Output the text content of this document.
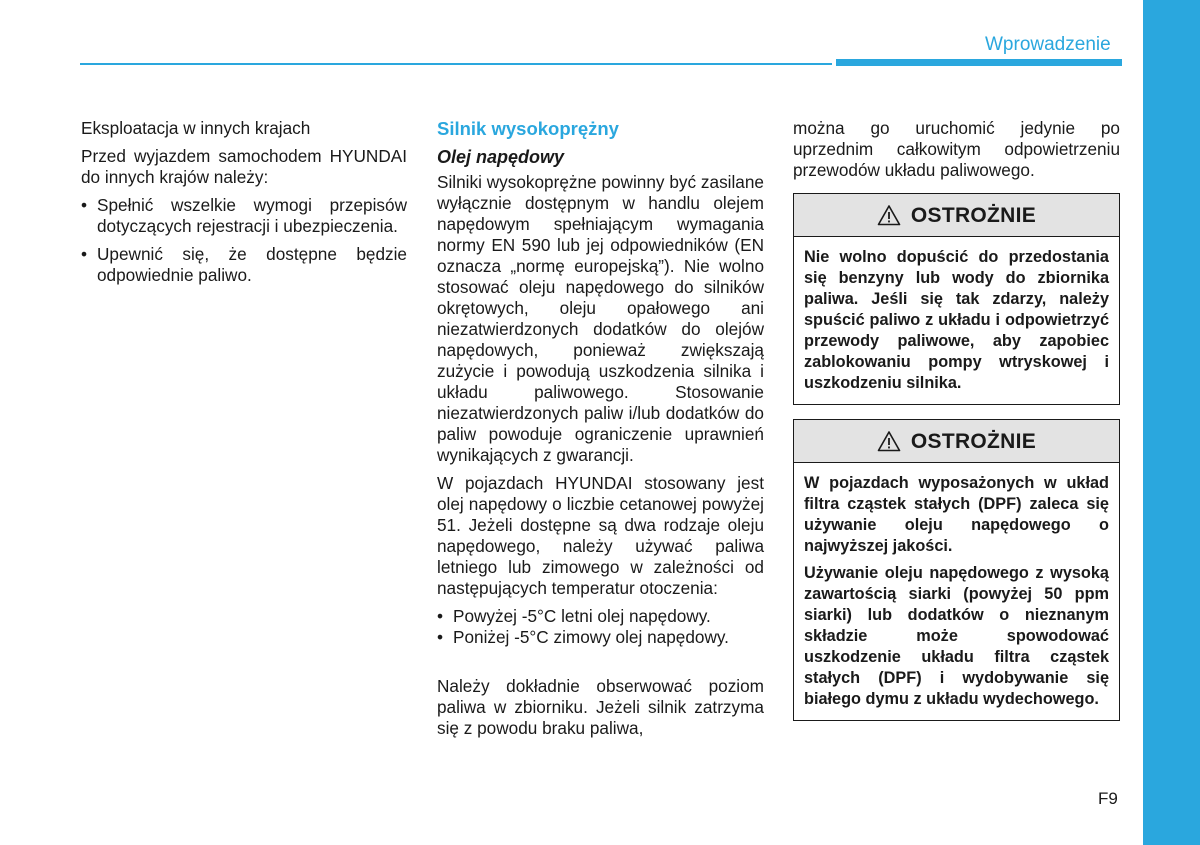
Wprowadzenie

Eksploatacja w innych krajach

Przed wyjazdem samochodem HYUNDAI do innych krajów należy:

• Spełnić wszelkie wymogi przepisów dotyczących rejestracji i ubezpieczenia.
• Upewnić się, że dostępne będzie odpowiednie paliwo.
Silnik wysokoprężny
Olej napędowy

Silniki wysokoprężne powinny być zasilane wyłącznie dostępnym w handlu olejem napędowym spełniającym wymagania normy EN 590 lub jej odpowiedników (EN oznacza „normę europejską”). Nie wolno stosować oleju napędowego do silników okrętowych, oleju opałowego ani niezatwierdzonych dodatków do olejów napędowych, ponieważ zwiększają zużycie i powodują uszkodzenia silnika i układu paliwowego. Stosowanie niezatwierdzonych paliw i/lub dodatków do paliw powoduje ograniczenie uprawnień wynikających z gwarancji.

W pojazdach HYUNDAI stosowany jest olej napędowy o liczbie cetanowej powyżej 51. Jeżeli dostępne są dwa rodzaje oleju napędowego, należy używać paliwa letniego lub zimowego w zależności od następujących temperatur otoczenia:

• Powyżej -5°C letni olej napędowy.
• Poniżej -5°C zimowy olej napędowy.

Należy dokładnie obserwować poziom paliwa w zbiorniku. Jeżeli silnik zatrzyma się z powodu braku paliwa,

można go uruchomić jedynie po uprzednim całkowitym odpowietrzeniu przewodów układu paliwowego.

OSTROŻNIE

Nie wolno dopuścić do przedostania się benzyny lub wody do zbiornika paliwa. Jeśli się tak zdarzy, należy spuścić paliwo z układu i odpowietrzyć przewody paliwowe, aby zapobiec zablokowaniu pompy wtryskowej i uszkodzeniu silnika.

OSTROŻNIE

W pojazdach wyposażonych w układ filtra cząstek stałych (DPF) zaleca się używanie oleju napędowego o najwyższej jakości.

Używanie oleju napędowego z wysoką zawartością siarki (powyżej 50 ppm siarki) lub dodatków o nieznanym składzie może spowodować uszkodzenie układu filtra cząstek stałych (DPF) i wydobywanie się białego dymu z układu wydechowego.

F9
